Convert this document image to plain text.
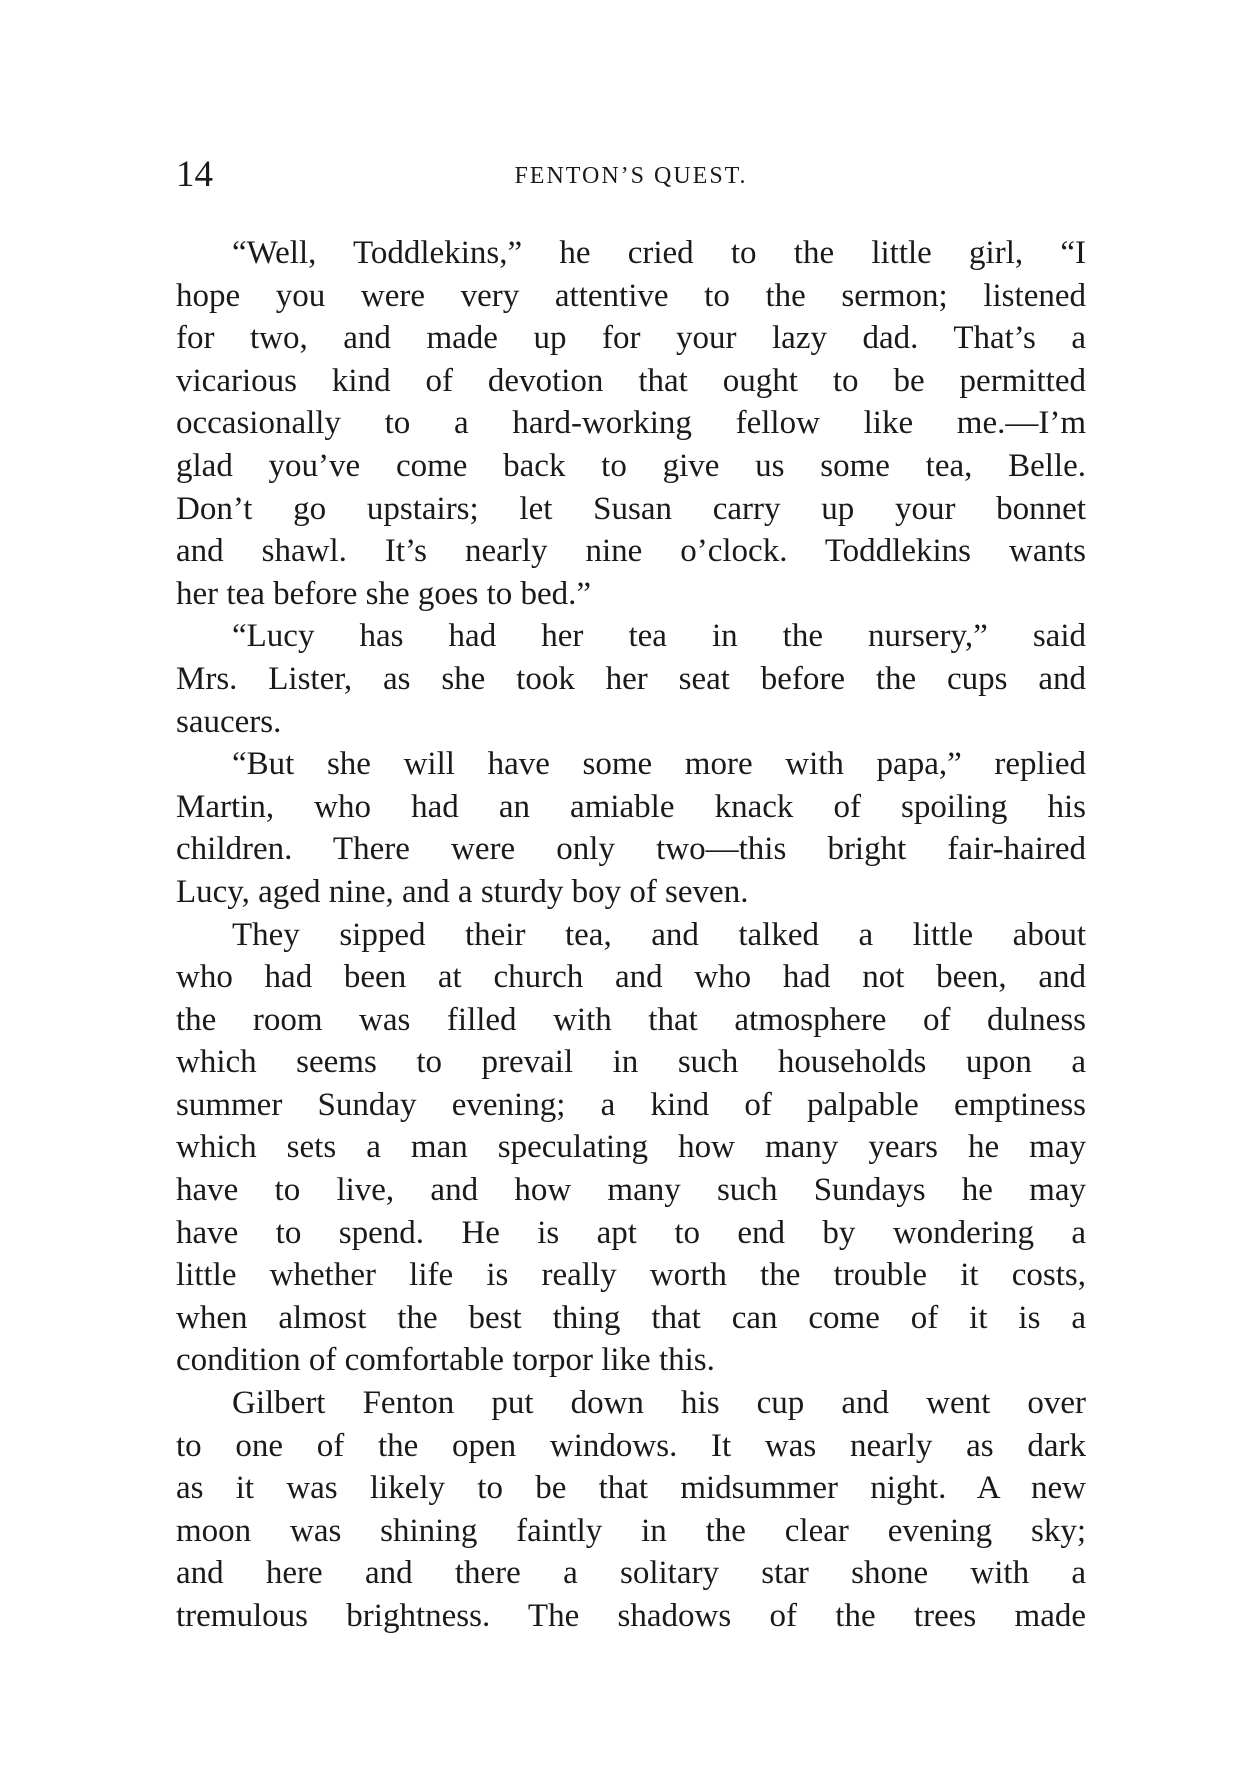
14	FENTON’S QUEST.
“Well, Toddlekins,” he cried to the little girl, “I
hope you were very attentive to the sermon; listened
for two, and made up for your lazy dad. That’s a
vicarious kind of devotion that ought to be permitted
occasionally to a hard-working fellow like me.—I’m
glad you’ve come back to give us some tea, Belle.
Don’t go upstairs; let Susan carry up your bonnet
and shawl. It’s nearly nine o’clock. Toddlekins wants
her tea before she goes to bed.”
“Lucy has had her tea in the nursery,” said
Mrs. Lister, as she took her seat before the cups and
saucers.
“But she will have some more with papa,” replied
Martin, who had an amiable knack of spoiling his
children. There were only two—this bright fair-haired
Lucy, aged nine, and a sturdy boy of seven.
They sipped their tea, and talked a little about
who had been at church and who had not been, and
the room was filled with that atmosphere of dulness
which seems to prevail in such households upon a
summer Sunday evening; a kind of palpable emptiness
which sets a man speculating how many years he may
have to live, and how many such Sundays he may
have to spend. He is apt to end by wondering a
little whether life is really worth the trouble it costs,
when almost the best thing that can come of it is a
condition of comfortable torpor like this.
Gilbert Fenton put down his cup and went over
to one of the open windows. It was nearly as dark
as it was likely to be that midsummer night. A new
moon was shining faintly in the clear evening sky;
and here and there a solitary star shone with a
tremulous brightness. The shadows of the trees made
